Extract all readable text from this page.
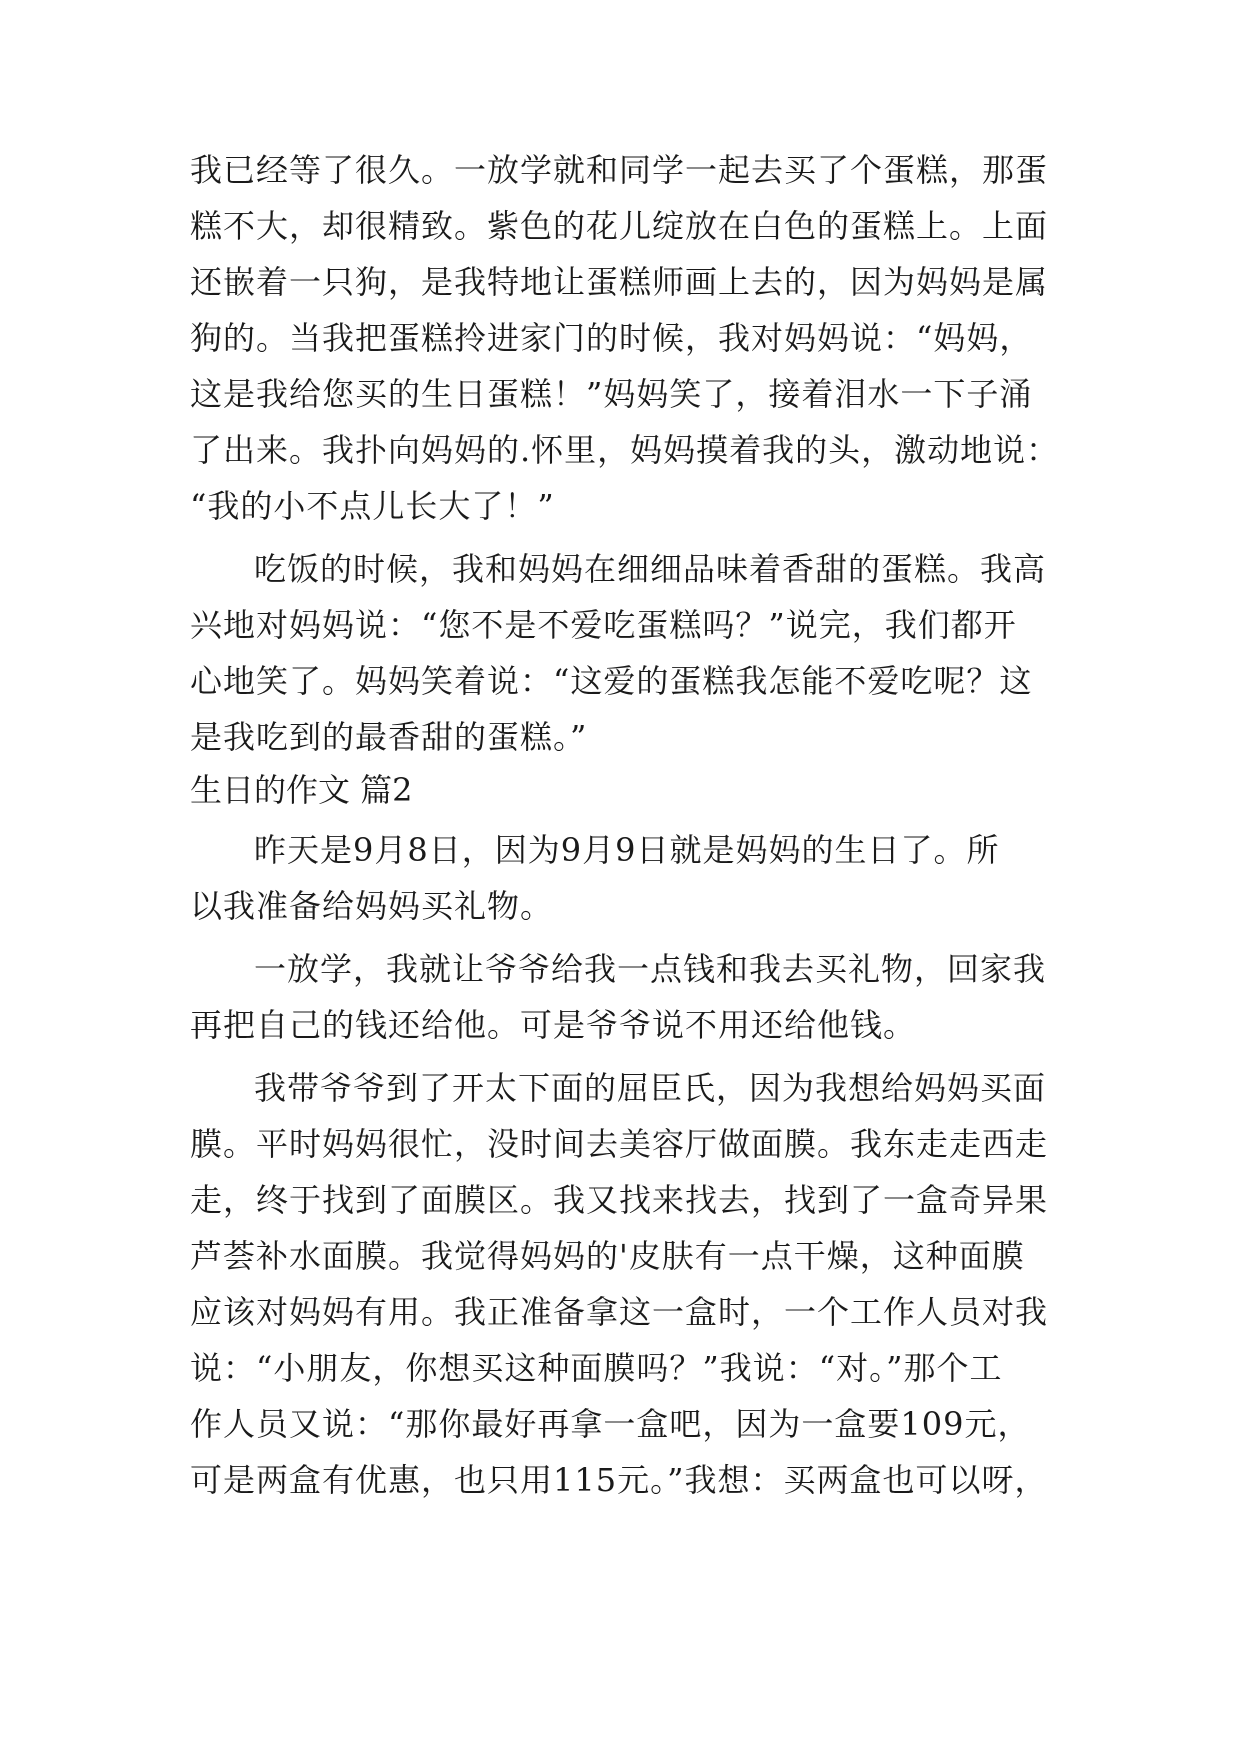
我已经等了很久。一放学就和同学一起去买了个蛋糕，那蛋
糕不大，却很精致。紫色的花儿绽放在白色的蛋糕上。上面
还嵌着一只狗，是我特地让蛋糕师画上去的，因为妈妈是属
狗的。当我把蛋糕拎进家门的时候，我对妈妈说：“妈妈，
这是我给您买的生日蛋糕！”妈妈笑了，接着泪水一下子涌
了出来。我扑向妈妈的.怀里，妈妈摸着我的头，激动地说：
“我的小不点儿长大了！”
吃饭的时候，我和妈妈在细细品味着香甜的蛋糕。我高
兴地对妈妈说：“您不是不爱吃蛋糕吗？”说完，我们都开
心地笑了。妈妈笑着说：“这爱的蛋糕我怎能不爱吃呢？这
是我吃到的最香甜的蛋糕。”
生日的作文 篇2
昨天是9月8日，因为9月9日就是妈妈的生日了。所
以我准备给妈妈买礼物。
一放学，我就让爷爷给我一点钱和我去买礼物，回家我
再把自己的钱还给他。可是爷爷说不用还给他钱。
我带爷爷到了开太下面的屈臣氏，因为我想给妈妈买面
膜。平时妈妈很忙，没时间去美容厅做面膜。我东走走西走
走，终于找到了面膜区。我又找来找去，找到了一盒奇异果
芦荟补水面膜。我觉得妈妈的'皮肤有一点干燥，这种面膜
应该对妈妈有用。我正准备拿这一盒时，一个工作人员对我
说：“小朋友，你想买这种面膜吗？”我说：“对。”那个工
作人员又说：“那你最好再拿一盒吧，因为一盒要109元，
可是两盒有优惠，也只用115元。”我想：买两盒也可以呀，
